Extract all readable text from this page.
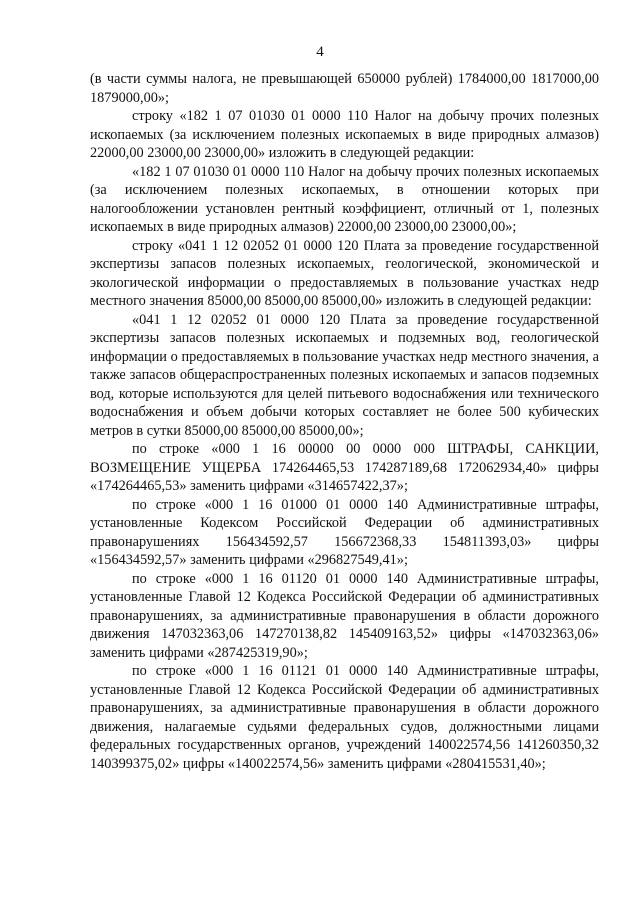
4

(в части суммы налога, не превышающей 650000 рублей) 1784000,00 1817000,00 1879000,00»;

строку «182 1 07 01030 01 0000 110 Налог на добычу прочих полезных ископаемых (за исключением полезных ископаемых в виде природных алмазов) 22000,00 23000,00 23000,00» изложить в следующей редакции:

«182 1 07 01030 01 0000 110 Налог на добычу прочих полезных ископаемых (за исключением полезных ископаемых, в отношении которых при налогообложении установлен рентный коэффициент, отличный от 1, полезных ископаемых в виде природных алмазов) 22000,00 23000,00 23000,00»;

строку «041 1 12 02052 01 0000 120 Плата за проведение государственной экспертизы запасов полезных ископаемых, геологической, экономической и экологической информации о предоставляемых в пользование участках недр местного значения 85000,00 85000,00 85000,00» изложить в следующей редакции:

«041 1 12 02052 01 0000 120 Плата за проведение государственной экспертизы запасов полезных ископаемых и подземных вод, геологической информации о предоставляемых в пользование участках недр местного значения, а также запасов общераспространенных полезных ископаемых и запасов подземных вод, которые используются для целей питьевого водоснабжения или технического водоснабжения и объем добычи которых составляет не более 500 кубических метров в сутки 85000,00 85000,00 85000,00»;

по строке «000 1 16 00000 00 0000 000 ШТРАФЫ, САНКЦИИ, ВОЗМЕЩЕНИЕ УЩЕРБА 174264465,53 174287189,68 172062934,40» цифры «174264465,53» заменить цифрами «314657422,37»;

по строке «000 1 16 01000 01 0000 140 Административные штрафы, установленные Кодексом Российской Федерации об административных правонарушениях 156434592,57 156672368,33 154811393,03» цифры «156434592,57» заменить цифрами «296827549,41»;

по строке «000 1 16 01120 01 0000 140 Административные штрафы, установленные Главой 12 Кодекса Российской Федерации об административных правонарушениях, за административные правонарушения в области дорожного движения 147032363,06 147270138,82 145409163,52» цифры «147032363,06» заменить цифрами «287425319,90»;

по строке «000 1 16 01121 01 0000 140 Административные штрафы, установленные Главой 12 Кодекса Российской Федерации об административных правонарушениях, за административные правонарушения в области дорожного движения, налагаемые судьями федеральных судов, должностными лицами федеральных государственных органов, учреждений 140022574,56 141260350,32 140399375,02» цифры «140022574,56» заменить цифрами «280415531,40»;
